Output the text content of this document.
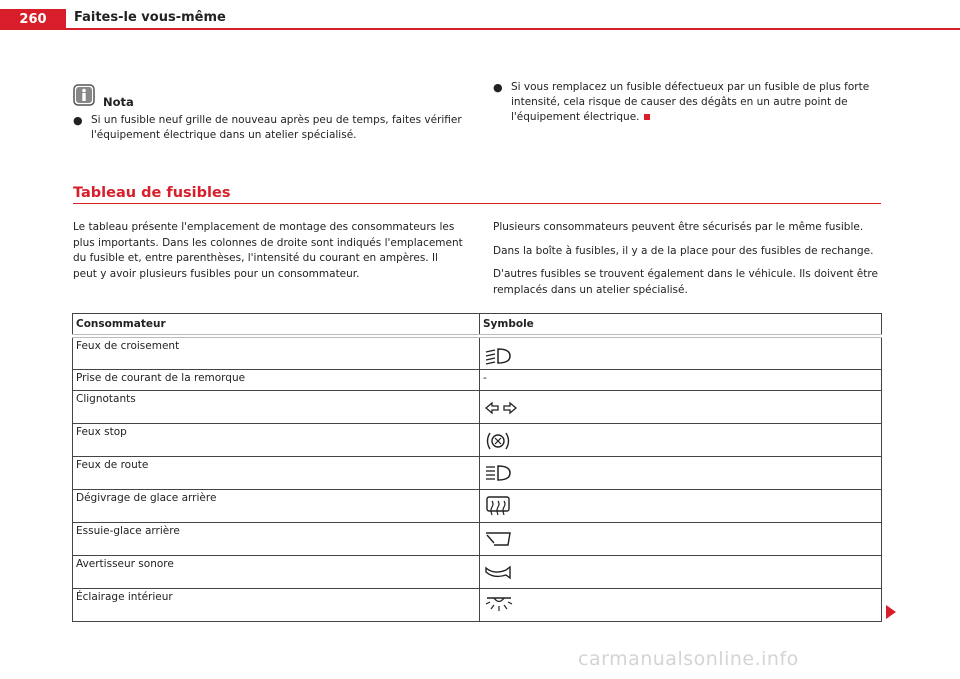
260	Faites-le vous-même
Nota
● Si un fusible neuf grille de nouveau après peu de temps, faites vérifier l'équipement électrique dans un atelier spécialisé.
● Si vous remplacez un fusible défectueux par un fusible de plus forte intensité, cela risque de causer des dégâts en un autre point de l'équipement électrique.
Tableau de fusibles
Le tableau présente l'emplacement de montage des consommateurs les plus importants. Dans les colonnes de droite sont indiqués l'emplacement du fusible et, entre parenthèses, l'intensité du courant en ampères. Il peut y avoir plusieurs fusibles pour un consommateur.
Plusieurs consommateurs peuvent être sécurisés par le même fusible.
Dans la boîte à fusibles, il y a de la place pour des fusibles de rechange.
D'autres fusibles se trouvent également dans le véhicule. Ils doivent être remplacés dans un atelier spécialisé.
Consommateur	Symbole
Feux de croisement	

Prise de courant de la remorque	-
Clignotants	

Feux stop	

Feux de route	

Dégivrage de glace arrière	

Essuie-glace arrière	

Avertisseur sonore	

Éclairage intérieur	
carmanualsonline.info
